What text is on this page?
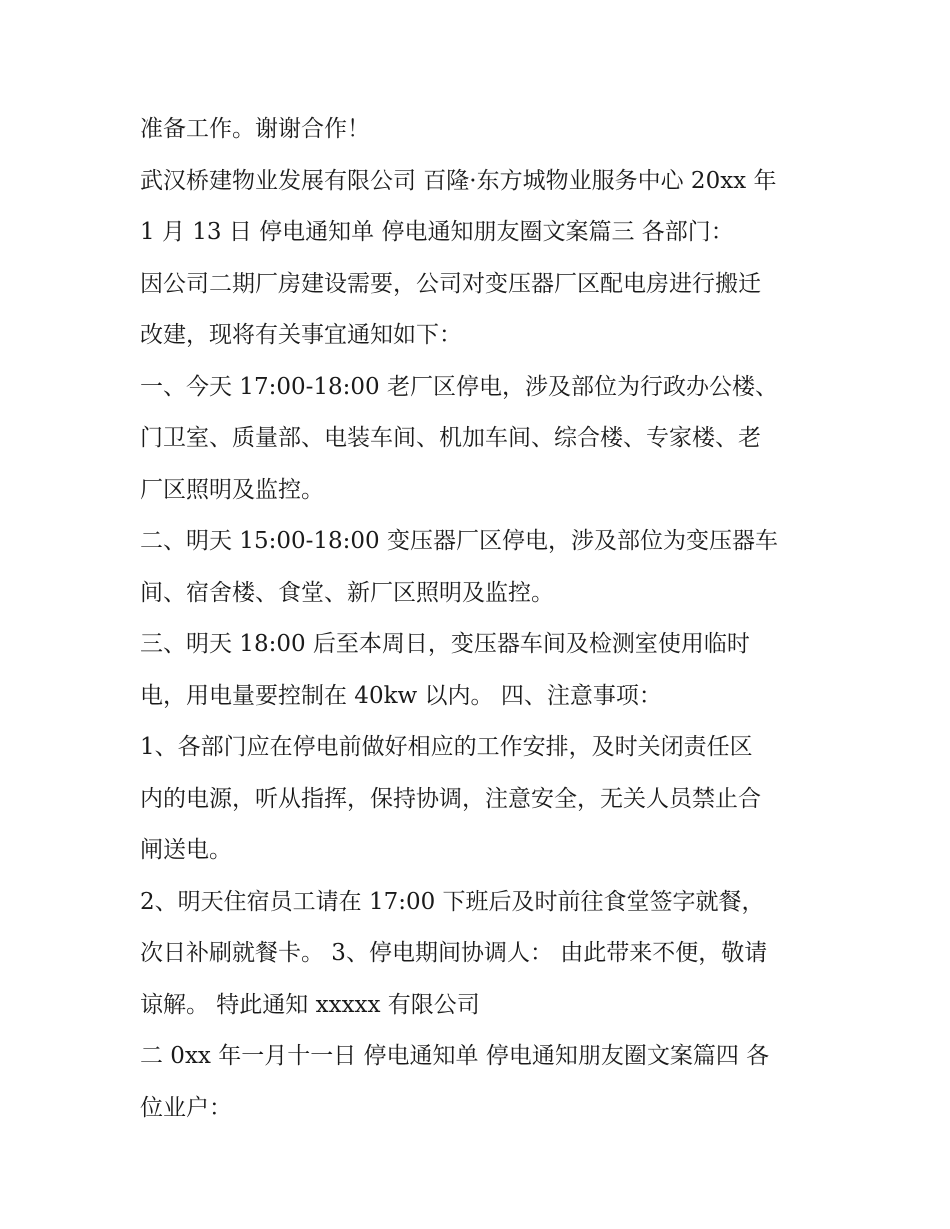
准备工作。谢谢合作！

武汉桥建物业发展有限公司 百隆·东方城物业服务中心 20xx 年

1 月 13 日 停电通知单 停电通知朋友圈文案篇三 各部门：

因公司二期厂房建设需要，公司对变压器厂区配电房进行搬迁

改建，现将有关事宜通知如下：

一、今天 17:00-18:00 老厂区停电，涉及部位为行政办公楼、

门卫室、质量部、电装车间、机加车间、综合楼、专家楼、老

厂区照明及监控。

二、明天 15:00-18:00 变压器厂区停电，涉及部位为变压器车

间、宿舍楼、食堂、新厂区照明及监控。

三、明天 18:00 后至本周日，变压器车间及检测室使用临时

电，用电量要控制在 40kw 以内。 四、注意事项：

1、各部门应在停电前做好相应的工作安排，及时关闭责任区

内的电源，听从指挥，保持协调，注意安全，无关人员禁止合

闸送电。

2、明天住宿员工请在 17:00 下班后及时前往食堂签字就餐，

次日补刷就餐卡。 3、停电期间协调人： 由此带来不便，敬请

谅解。 特此通知 xxxxx 有限公司

二 0xx 年一月十一日 停电通知单 停电通知朋友圈文案篇四 各

位业户：
